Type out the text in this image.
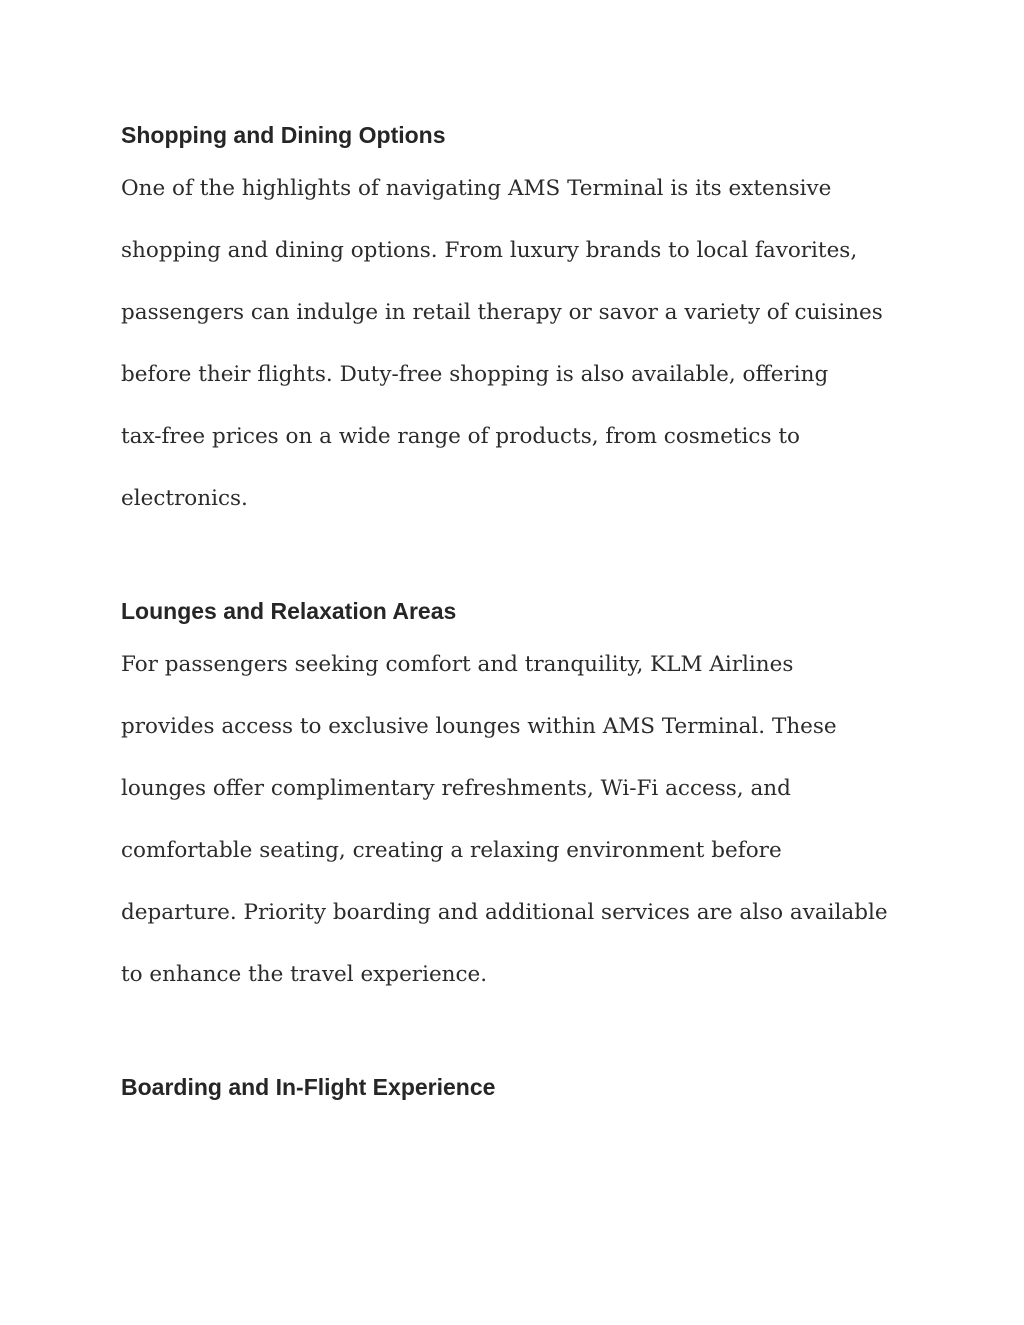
Shopping and Dining Options
One of the highlights of navigating AMS Terminal is its extensive
shopping and dining options. From luxury brands to local favorites,
passengers can indulge in retail therapy or savor a variety of cuisines
before their flights. Duty-free shopping is also available, offering
tax-free prices on a wide range of products, from cosmetics to
electronics.
Lounges and Relaxation Areas
For passengers seeking comfort and tranquility, KLM Airlines
provides access to exclusive lounges within AMS Terminal. These
lounges offer complimentary refreshments, Wi-Fi access, and
comfortable seating, creating a relaxing environment before
departure. Priority boarding and additional services are also available
to enhance the travel experience.
Boarding and In-Flight Experience
